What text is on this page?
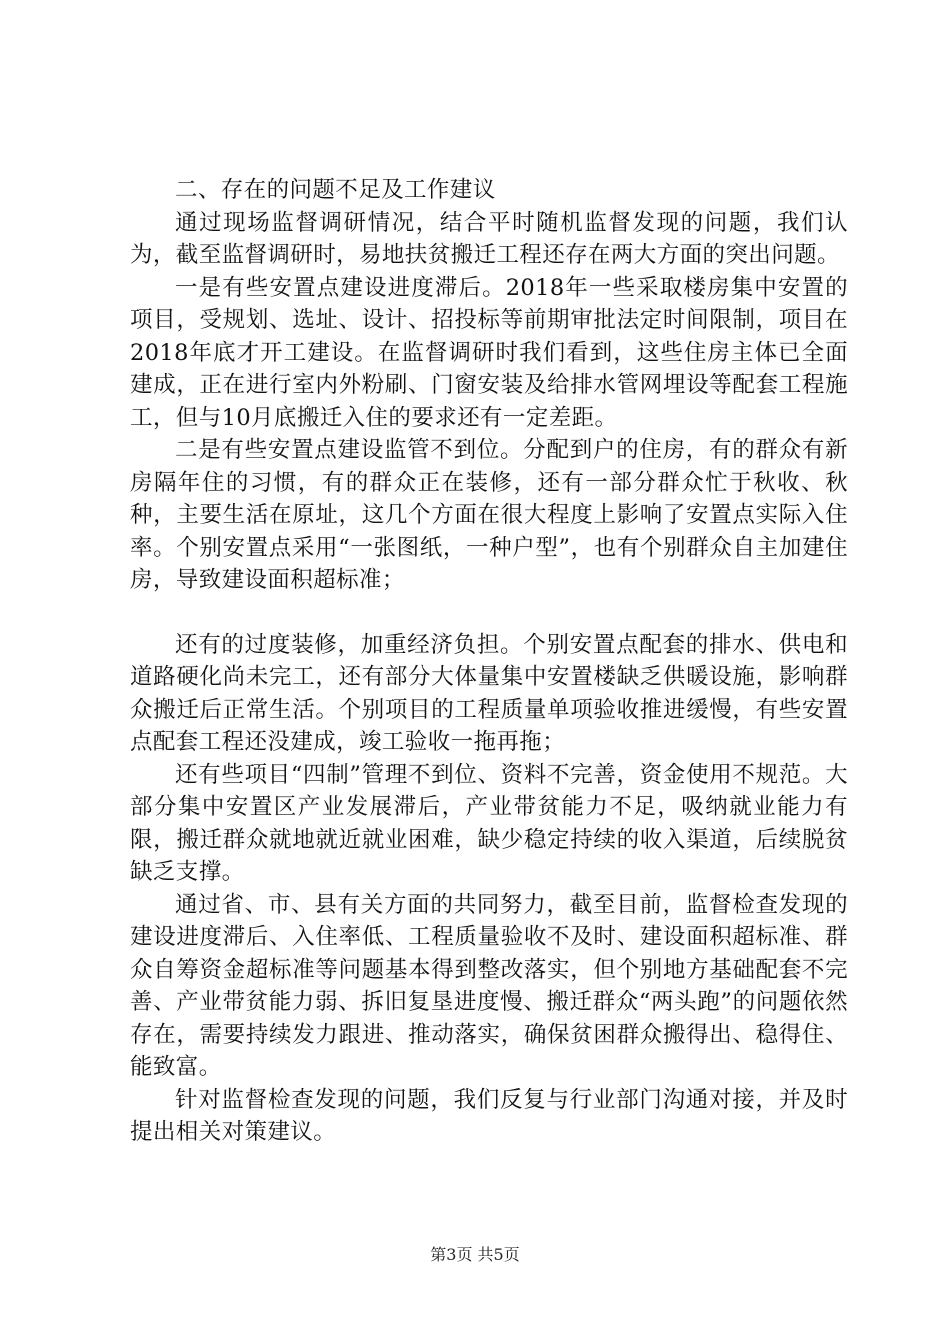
二、存在的问题不足及工作建议

通过现场监督调研情况，结合平时随机监督发现的问题，我们认为，截至监督调研时，易地扶贫搬迁工程还存在两大方面的突出问题。

一是有些安置点建设进度滞后。2018年一些采取楼房集中安置的项目，受规划、选址、设计、招投标等前期审批法定时间限制，项目在2018年底才开工建设。在监督调研时我们看到，这些住房主体已全面建成，正在进行室内外粉刷、门窗安装及给排水管网埋设等配套工程施工，但与10月底搬迁入住的要求还有一定差距。

二是有些安置点建设监管不到位。分配到户的住房，有的群众有新房隔年住的习惯，有的群众正在装修，还有一部分群众忙于秋收、秋种，主要生活在原址，这几个方面在很大程度上影响了安置点实际入住率。个别安置点采用“一张图纸，一种户型”，也有个别群众自主加建住房，导致建设面积超标准；

还有的过度装修，加重经济负担。个别安置点配套的排水、供电和道路硬化尚未完工，还有部分大体量集中安置楼缺乏供暖设施，影响群众搬迁后正常生活。个别项目的工程质量单项验收推进缓慢，有些安置点配套工程还没建成，竣工验收一拖再拖；

还有些项目“四制”管理不到位、资料不完善，资金使用不规范。大部分集中安置区产业发展滞后，产业带贫能力不足，吸纳就业能力有限，搬迁群众就地就近就业困难，缺少稳定持续的收入渠道，后续脱贫缺乏支撑。

通过省、市、县有关方面的共同努力，截至目前，监督检查发现的建设进度滞后、入住率低、工程质量验收不及时、建设面积超标准、群众自筹资金超标准等问题基本得到整改落实，但个别地方基础配套不完善、产业带贫能力弱、拆旧复垦进度慢、搬迁群众“两头跑”的问题依然存在，需要持续发力跟进、推动落实，确保贫困群众搬得出、稳得住、能致富。

针对监督检查发现的问题，我们反复与行业部门沟通对接，并及时提出相关对策建议。

第3页 共5页
